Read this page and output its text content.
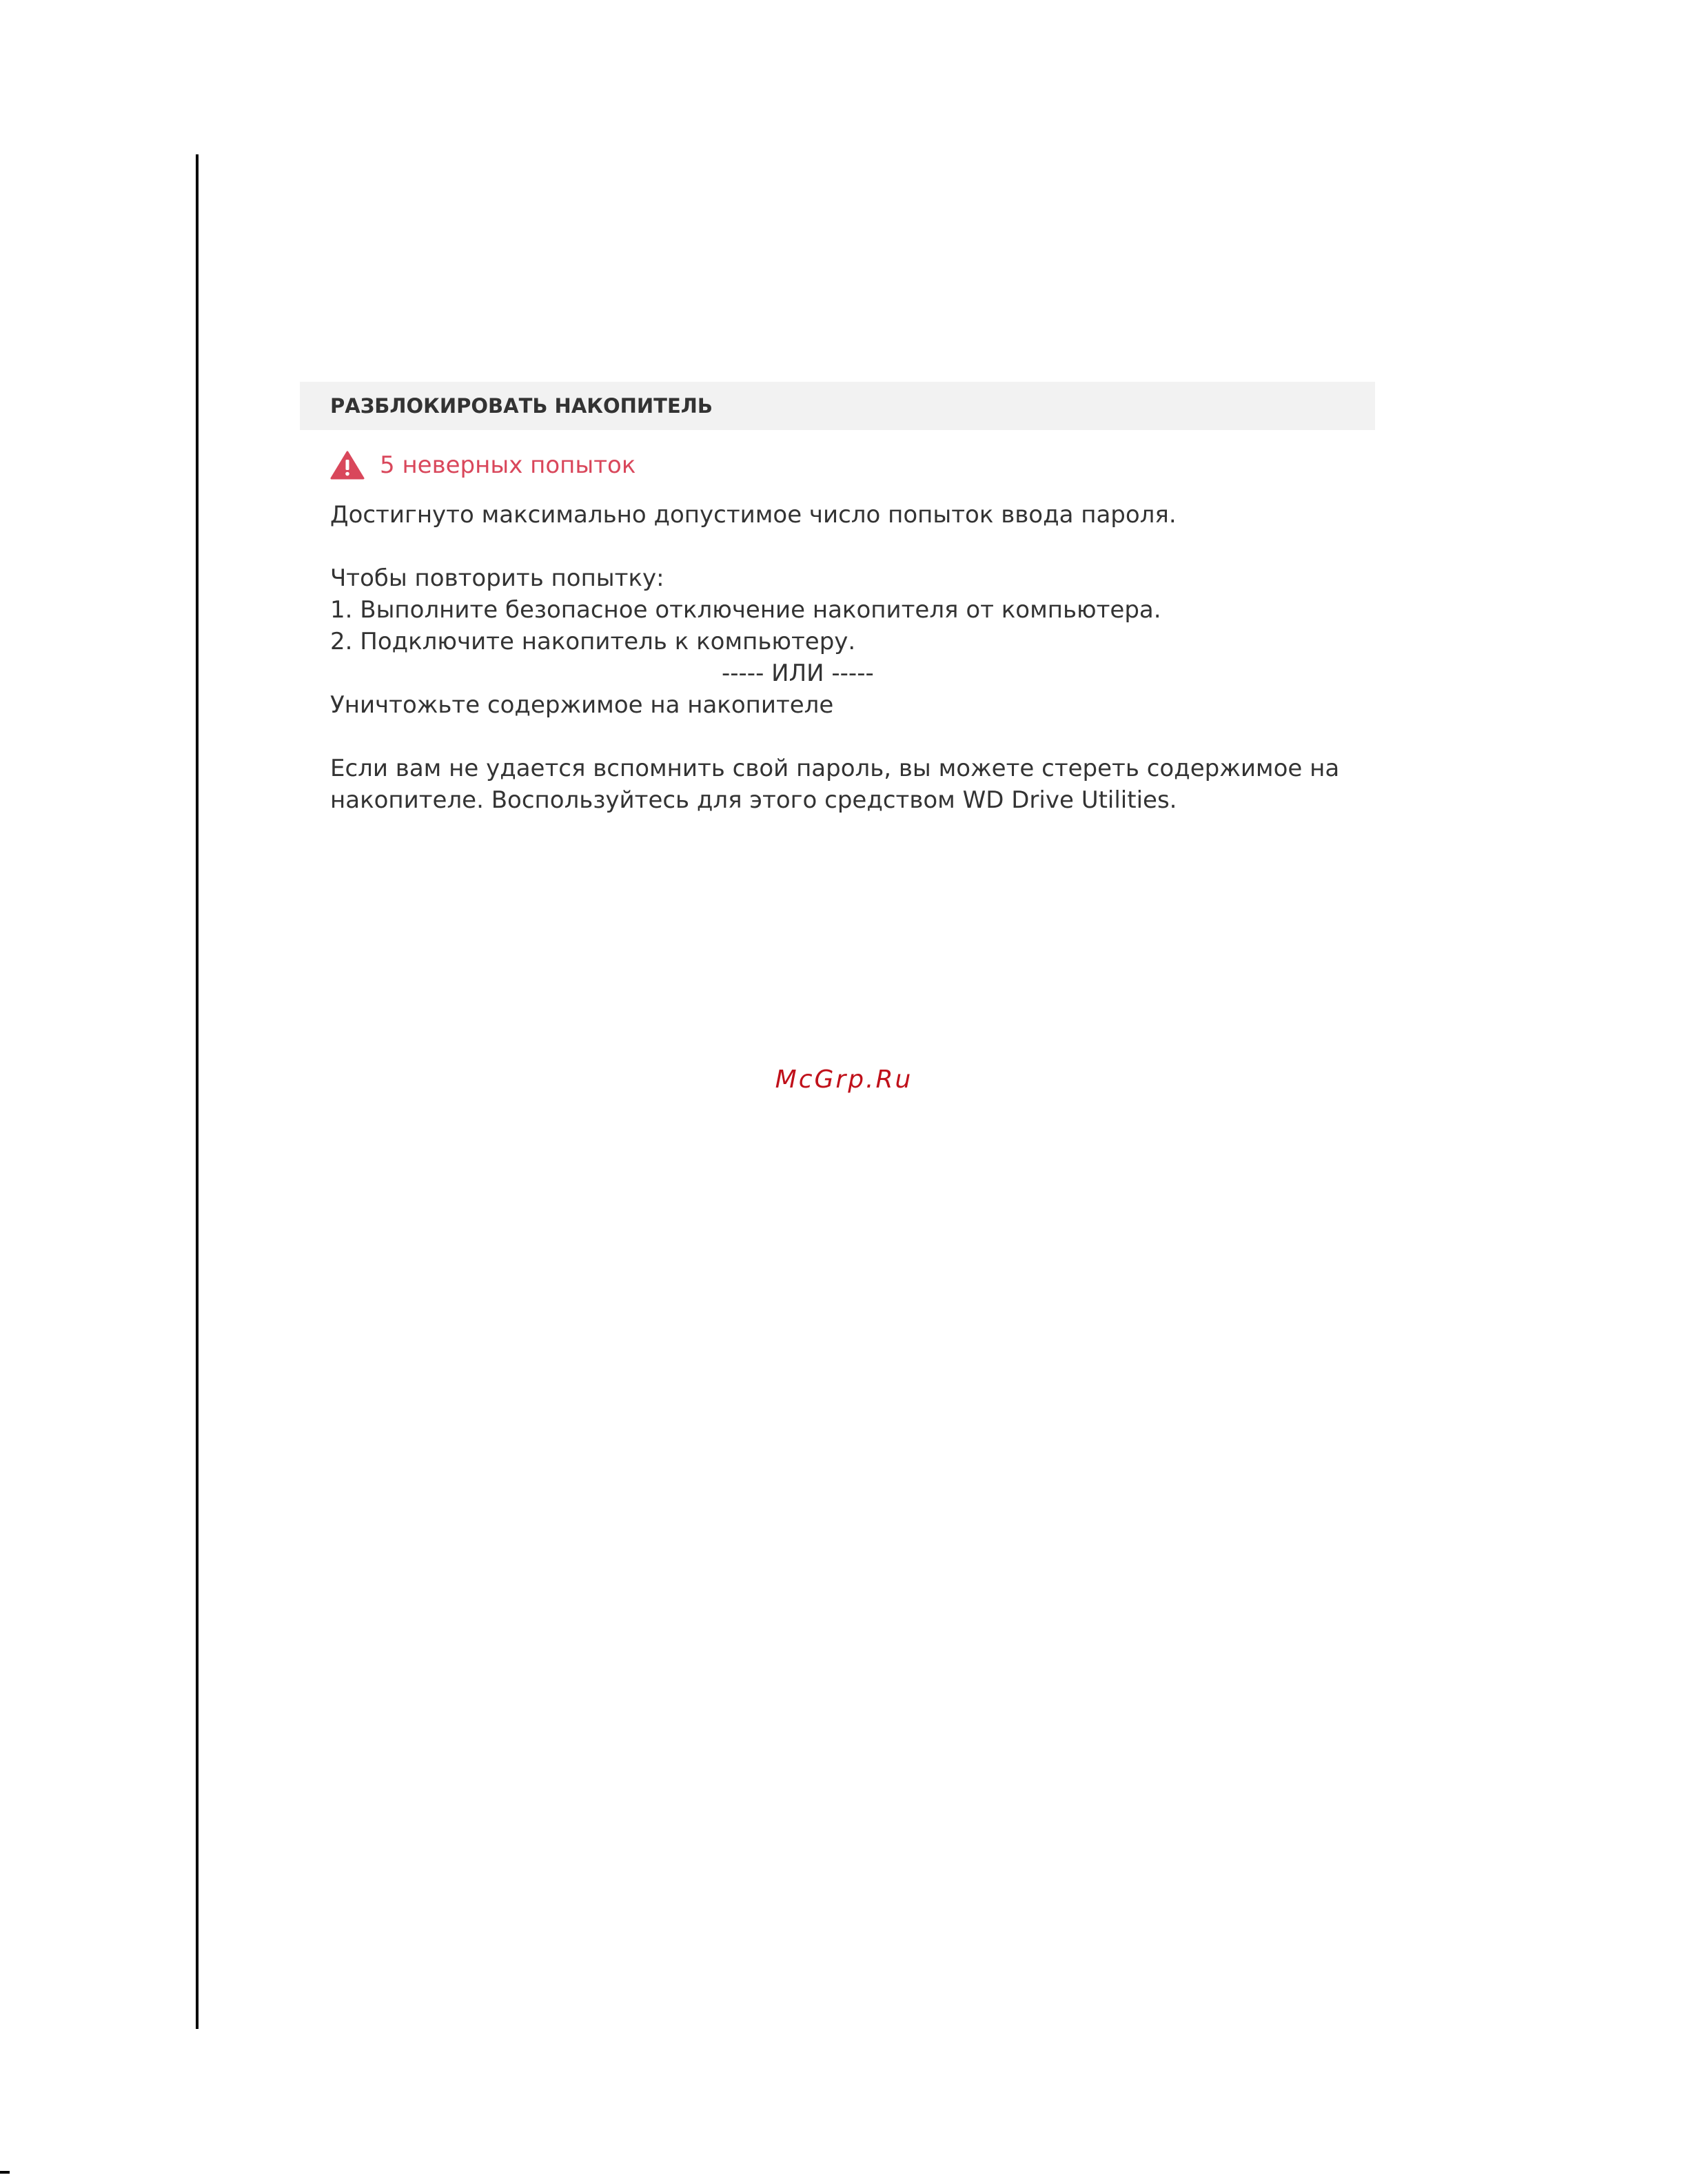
РАЗБЛОКИРОВАТЬ НАКОПИТЕЛЬ
5 неверных попыток

Достигнуто максимально допустимое число попыток ввода пароля.

Чтобы повторить попытку:
1. Выполните безопасное отключение накопителя от компьютера.
2. Подключите накопитель к компьютеру.
----- ИЛИ -----
Уничтожьте содержимое на накопителе

Если вам не удается вспомнить свой пароль, вы можете стереть содержимое на накопителе. Воспользуйтесь для этого средством WD Drive Utilities.

McGrp.Ru
